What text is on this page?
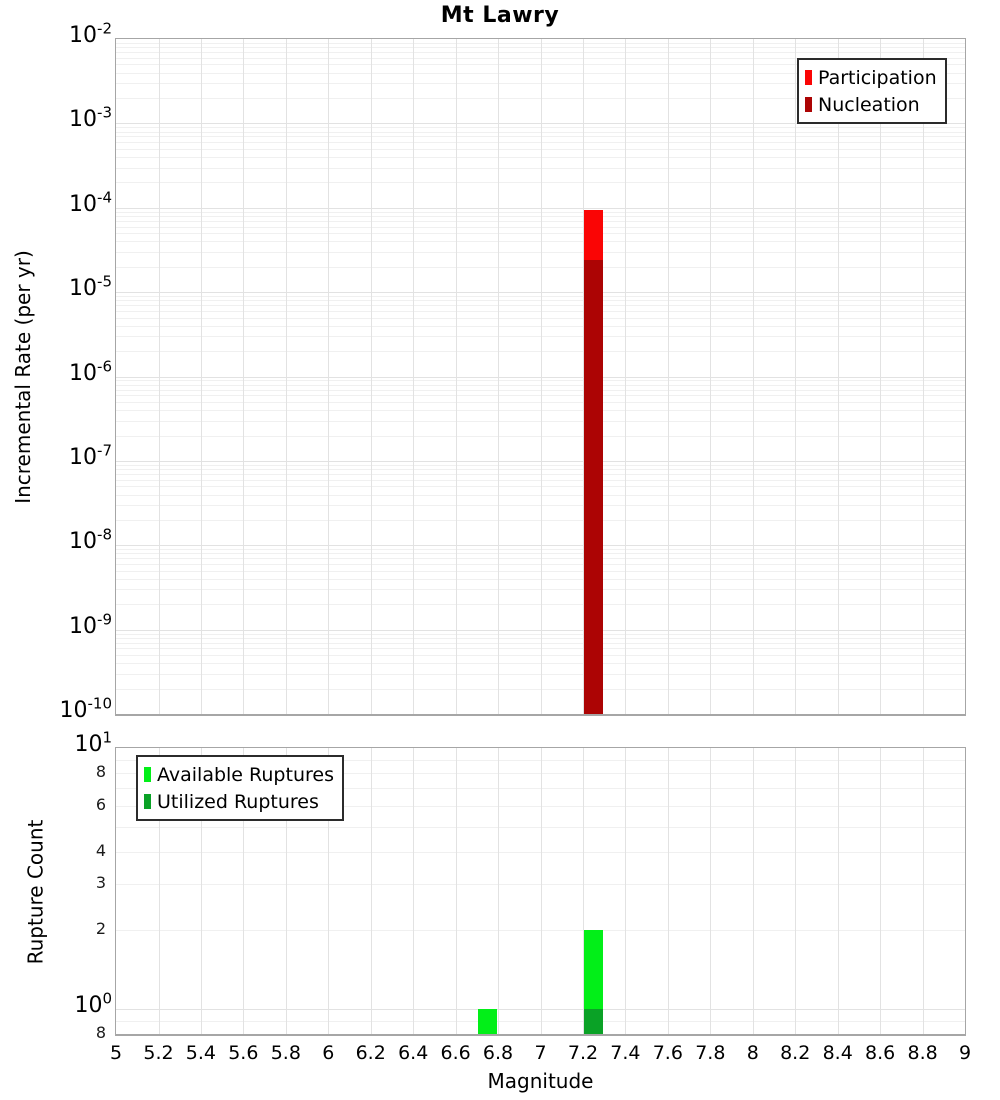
Mt Lawry
Incremental Rate (per yr)
Rupture Count
Participation
Nucleation
Available Ruptures
Utilized Ruptures
Magnitude
$10^{-2}$
$10^{-3}$
$10^{-4}$
$10^{-5}$
$10^{-6}$
$10^{-7}$
$10^{-8}$
$10^{-9}$
$10^{-10}$
$10^1$
$10^0$
8
6
4
3
2
8
5	5.2 5.4 5.6 5.8	6	6.2 6.4 6.6 6.8	7	7.2 7.4 7.6 7.8	8	8.2 8.4 8.6 8.8	9
